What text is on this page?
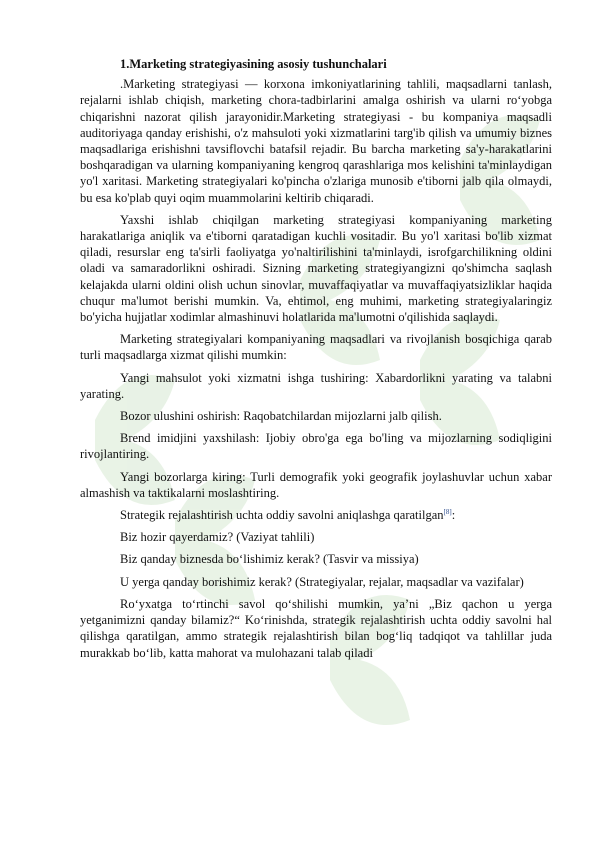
1.Marketing strategiyasining asosiy tushunchalari

.Marketing strategiyasi — korxona imkoniyatlarining tahlili, maqsadlarni tanlash, rejalarni ishlab chiqish, marketing chora-tadbirlarini amalga oshirish va ularni ro‘yobga chiqarishni nazorat qilish jarayonidir.Marketing strategiyasi - bu kompaniya maqsadli auditoriyaga qanday erishishi, o'z mahsuloti yoki xizmatlarini targ'ib qilish va umumiy biznes maqsadlariga erishishni tavsiflovchi batafsil rejadir. Bu barcha marketing sa'y-harakatlarini boshqaradigan va ularning kompaniyaning kengroq qarashlariga mos kelishini ta'minlaydigan yo'l xaritasi. Marketing strategiyalari ko'pincha o'zlariga munosib e'tiborni jalb qila olmaydi, bu esa ko'plab quyi oqim muammolarini keltirib chiqaradi.

Yaxshi ishlab chiqilgan marketing strategiyasi kompaniyaning marketing harakatlariga aniqlik va e'tiborni qaratadigan kuchli vositadir. Bu yo'l xaritasi bo'lib xizmat qiladi, resurslar eng ta'sirli faoliyatga yo'naltirilishini ta'minlaydi, isrofgarchilikning oldini oladi va samaradorlikni oshiradi. Sizning marketing strategiyangizni qo'shimcha saqlash kelajakda ularni oldini olish uchun sinovlar, muvaffaqiyatlar va muvaffaqiyatsizliklar haqida chuqur ma'lumot berishi mumkin. Va, ehtimol, eng muhimi, marketing strategiyalaringiz bo'yicha hujjatlar xodimlar almashinuvi holatlarida ma'lumotni o'qilishida saqlaydi.

Marketing strategiyalari kompaniyaning maqsadlari va rivojlanish bosqichiga qarab turli maqsadlarga xizmat qilishi mumkin:

Yangi mahsulot yoki xizmatni ishga tushiring: Xabardorlikni yarating va talabni yarating.

Bozor ulushini oshirish: Raqobatchilardan mijozlarni jalb qilish.

Brend imidjini yaxshilash: Ijobiy obro'ga ega bo'ling va mijozlarning sodiqligini rivojlantiring.

Yangi bozorlarga kiring: Turli demografik yoki geografik joylashuvlar uchun xabar almashish va taktikalarni moslashtiring.

Strategik rejalashtirish uchta oddiy savolni aniqlashga qaratilgan[8]:

Biz hozir qayerdamiz? (Vaziyat tahlili)

Biz qanday biznesda bo‘lishimiz kerak? (Tasvir va missiya)

U yerga qanday borishimiz kerak? (Strategiyalar, rejalar, maqsadlar va vazifalar)

Ro‘yxatga to‘rtinchi savol qo‘shilishi mumkin, ya’ni „Biz qachon u yerga yetganimizni qanday bilamiz?“ Ko‘rinishda, strategik rejalashtirish uchta oddiy savolni hal qilishga qaratilgan, ammo strategik rejalashtirish bilan bog‘liq tadqiqot va tahlillar juda murakkab bo‘lib, katta mahorat va mulohazani talab qiladi
